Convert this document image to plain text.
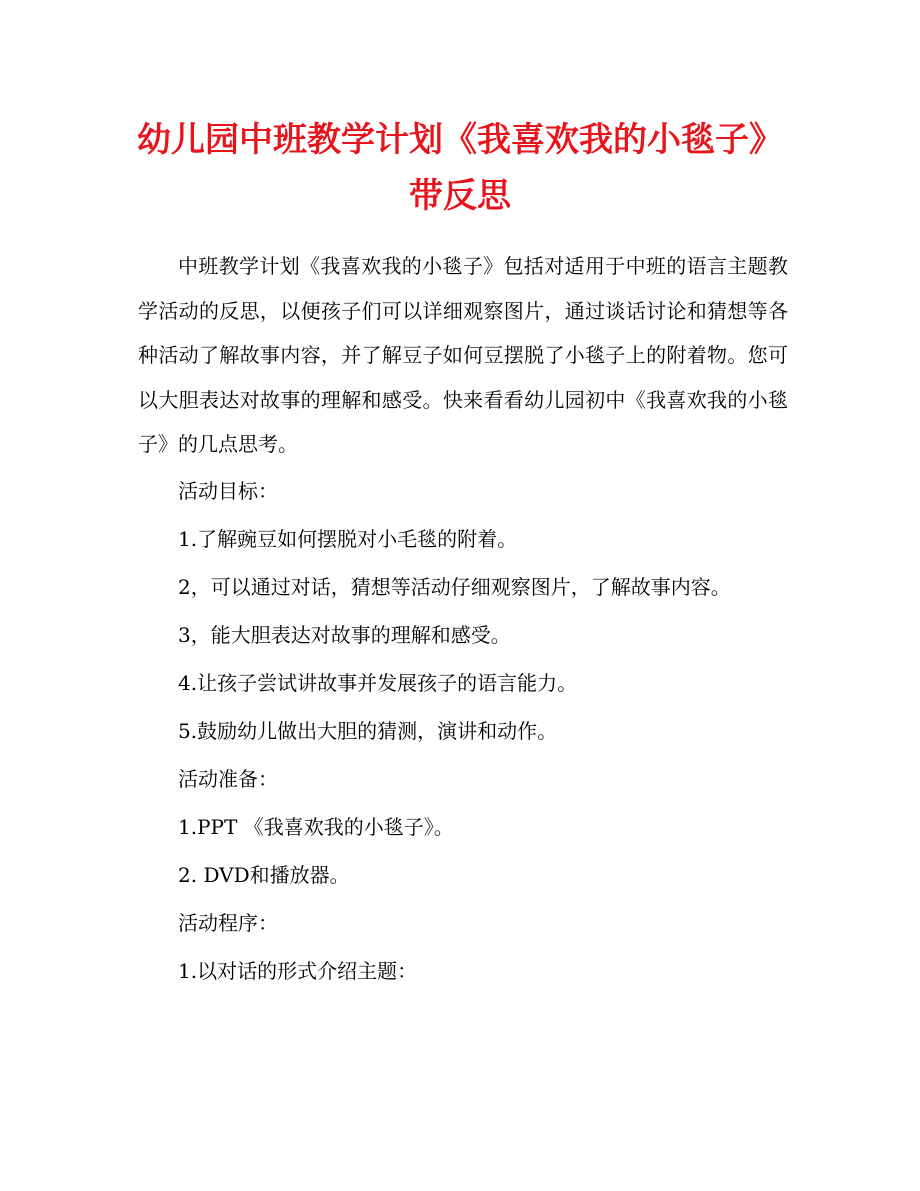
幼儿园中班教学计划《我喜欢我的小毯子》
带反思

中班教学计划《我喜欢我的小毯子》包括对适用于中班的语言主题教学活动的反思，以便孩子们可以详细观察图片，通过谈话讨论和猜想等各种活动了解故事内容，并了解豆子如何豆摆脱了小毯子上的附着物。您可以大胆表达对故事的理解和感受。快来看看幼儿园初中《我喜欢我的小毯子》的几点思考。

活动目标：

1.了解豌豆如何摆脱对小毛毯的附着。

2，可以通过对话，猜想等活动仔细观察图片，了解故事内容。

3，能大胆表达对故事的理解和感受。

4.让孩子尝试讲故事并发展孩子的语言能力。

5.鼓励幼儿做出大胆的猜测，演讲和动作。

活动准备：

1.PPT 《我喜欢我的小毯子》。

2. DVD和播放器。

活动程序：

1.以对话的形式介绍主题：
